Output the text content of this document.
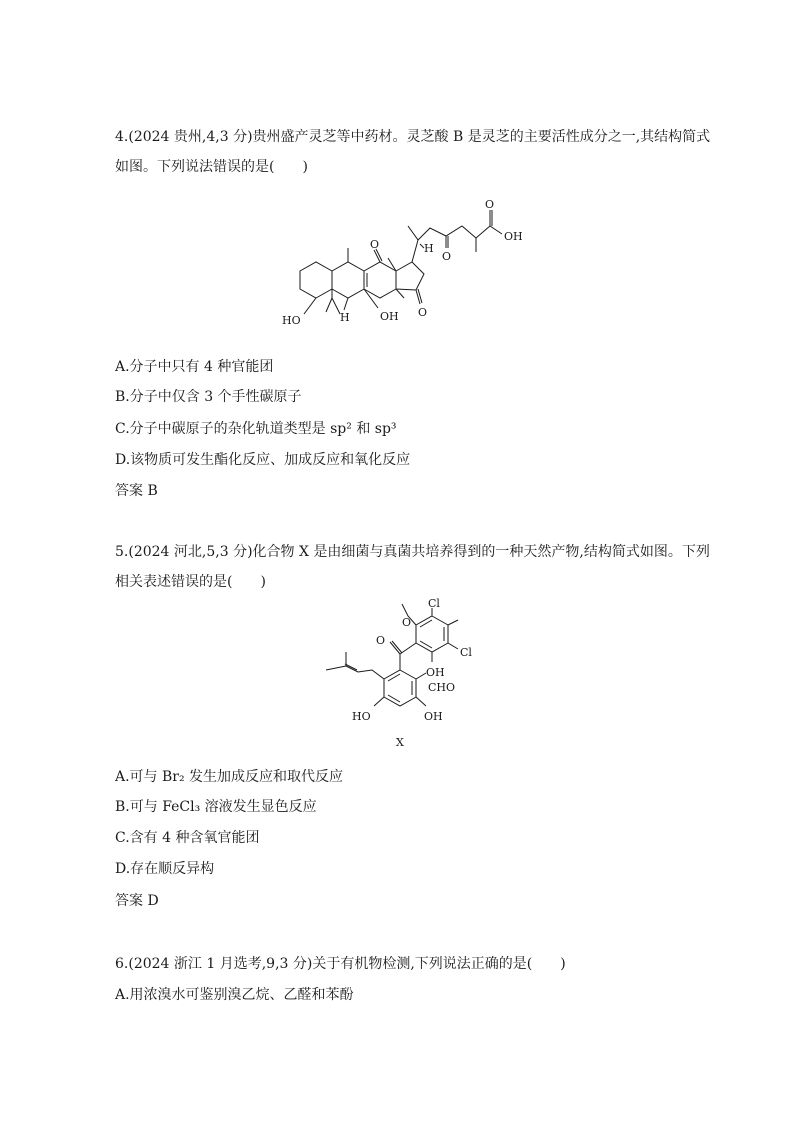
4.(2024 贵州,4,3 分)贵州盛产灵芝等中药材。灵芝酸 B 是灵芝的主要活性成分之一,其结构简式
如图。下列说法错误的是(　　)
O
OH
H
O
O
O
HO	OH
H
A.分子中只有 4 种官能团
B.分子中仅含 3 个手性碳原子
C.分子中碳原子的杂化轨道类型是 sp² 和 sp³
D.该物质可发生酯化反应、加成反应和氧化反应
答案 B
5.(2024 河北,5,3 分)化合物 X 是由细菌与真菌共培养得到的一种天然产物,结构简式如图。下列
相关表述错误的是(　　)
Cl
Cl
O
O
OH
CHO
HO	OH
X
A.可与 Br₂ 发生加成反应和取代反应
B.可与 FeCl₃ 溶液发生显色反应
C.含有 4 种含氧官能团
D.存在顺反异构
答案 D
6.(2024 浙江 1 月选考,9,3 分)关于有机物检测,下列说法正确的是(　　)
A.用浓溴水可鉴别溴乙烷、乙醛和苯酚
